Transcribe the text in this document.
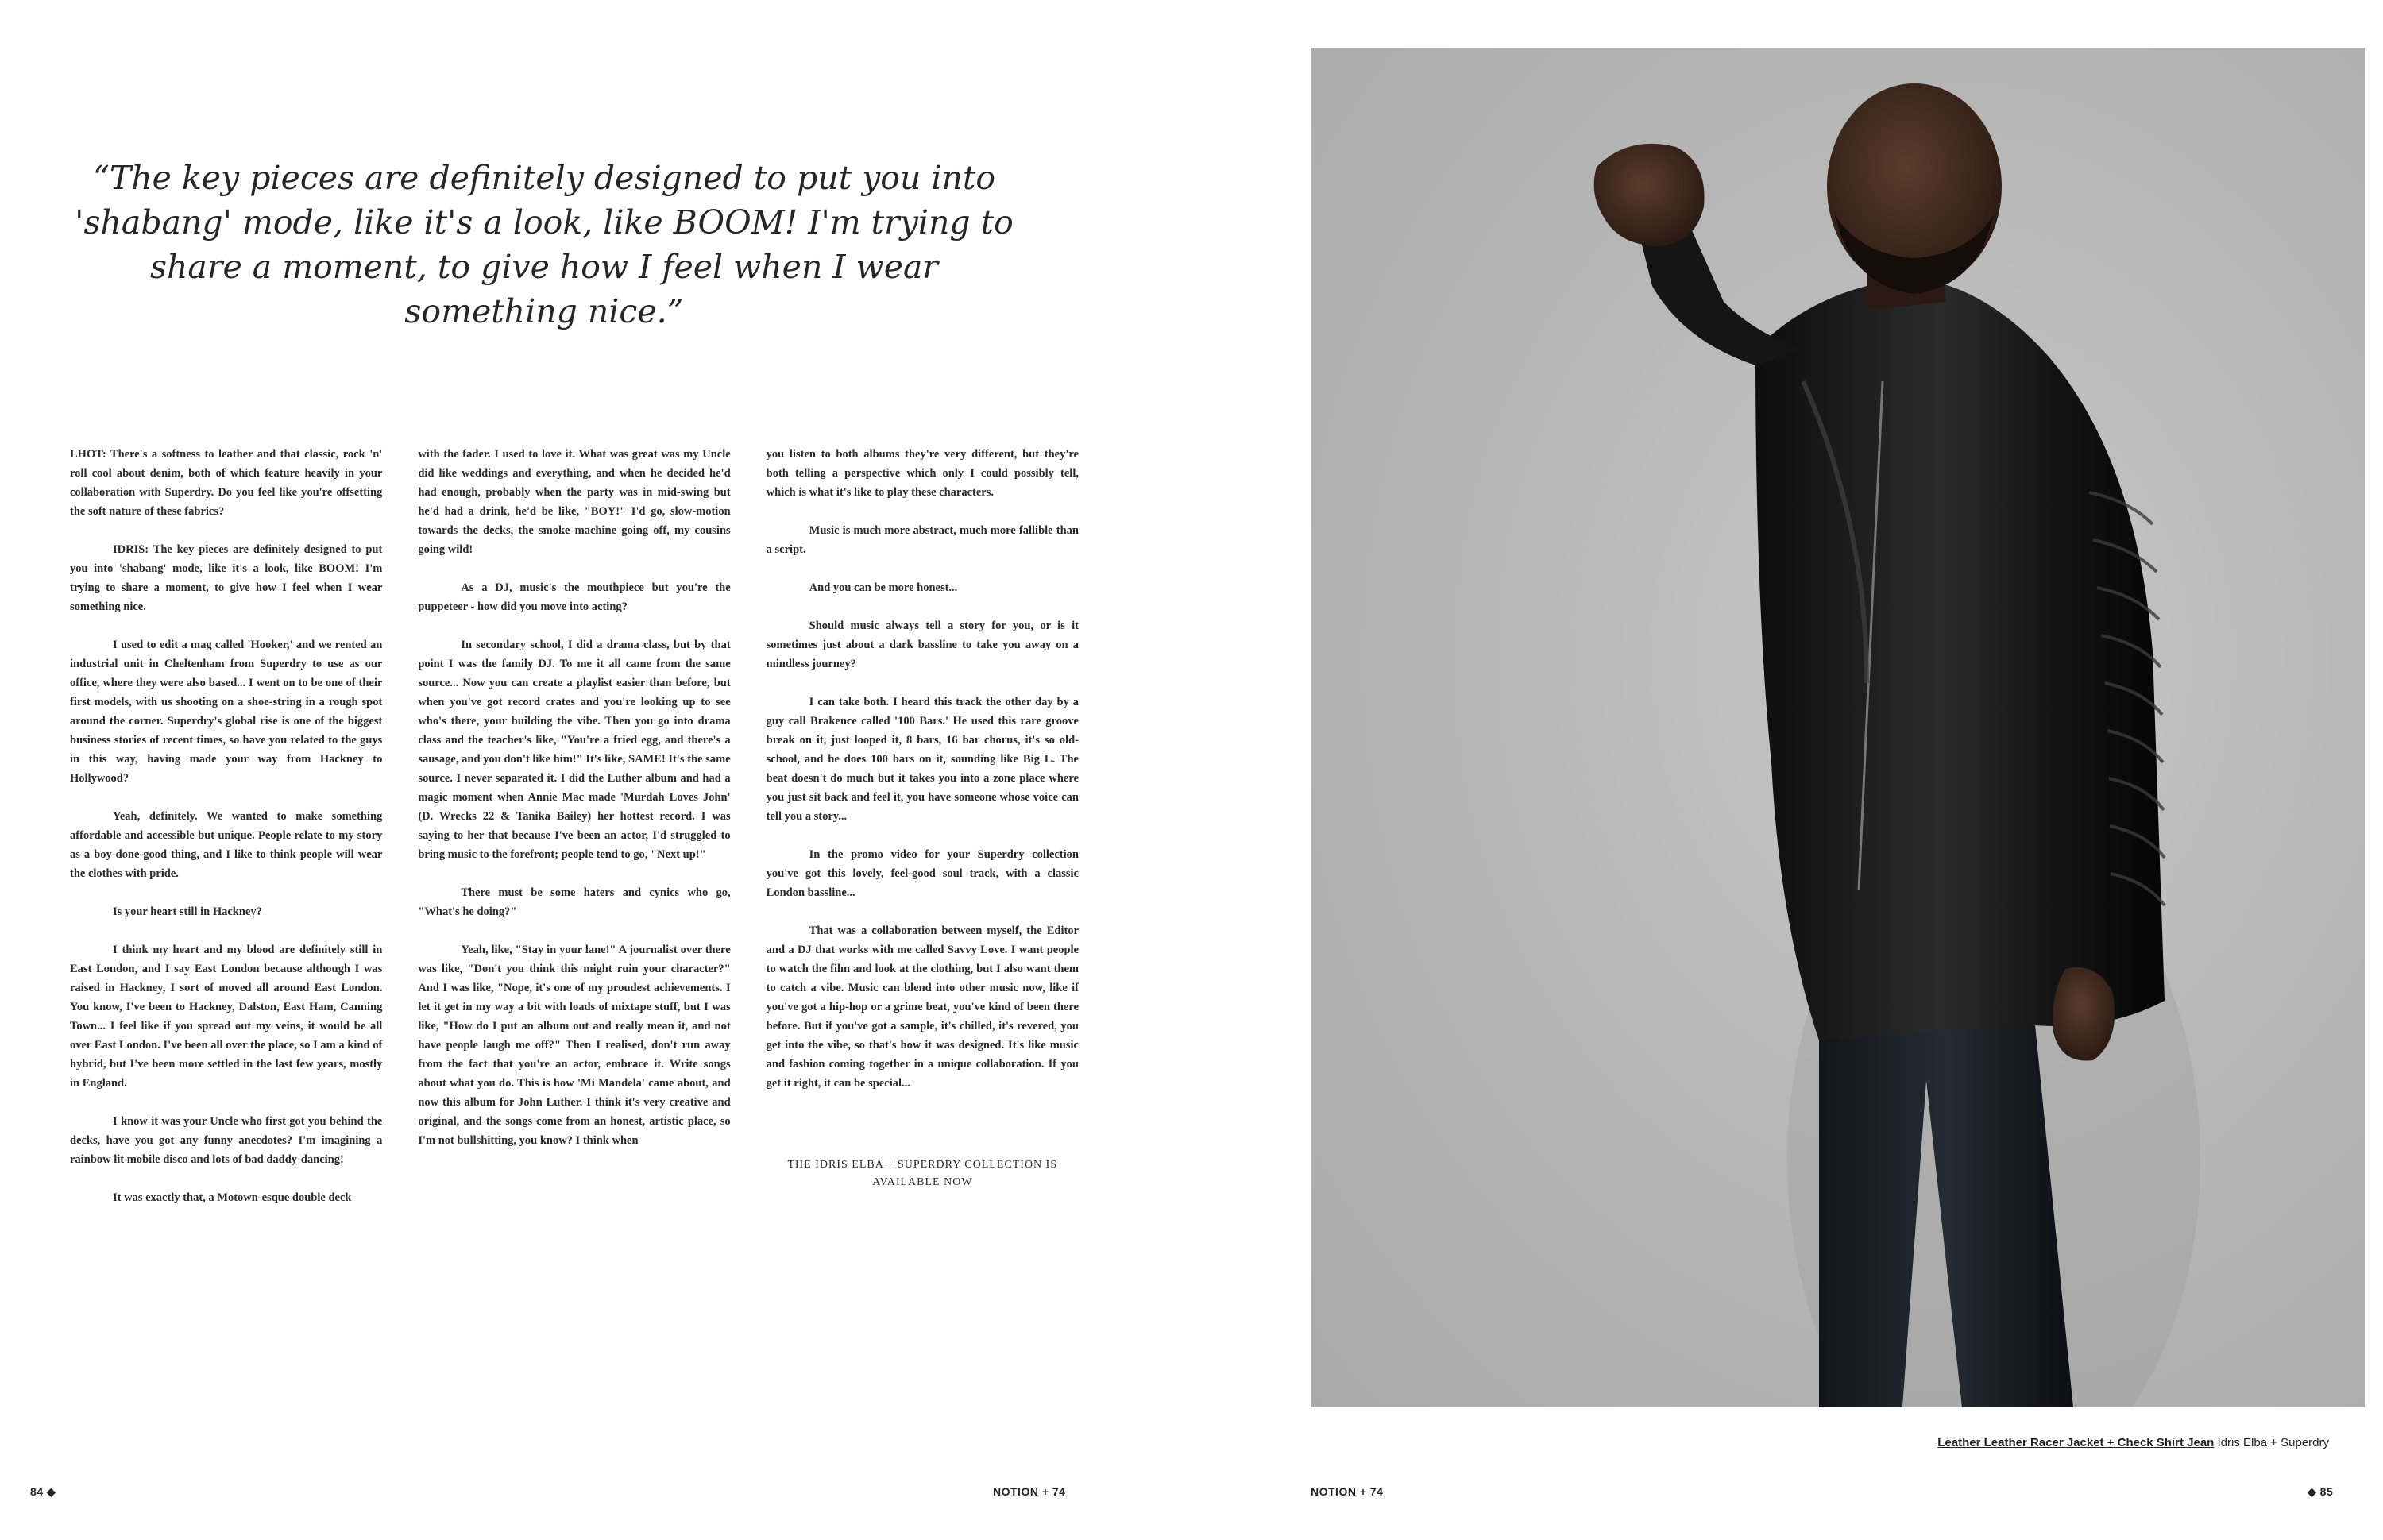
“The key pieces are definitely designed to put you into 'shabang' mode, like it's a look, like BOOM! I'm trying to share a moment, to give how I feel when I wear something nice.”

LHOT: There's a softness to leather and that classic, rock 'n' roll cool about denim, both of which feature heavily in your collaboration with Superdry. Do you feel like you're offsetting the soft nature of these fabrics?

IDRIS: The key pieces are definitely designed to put you into 'shabang' mode, like it's a look, like BOOM! I'm trying to share a moment, to give how I feel when I wear something nice.

I used to edit a mag called 'Hooker,' and we rented an industrial unit in Cheltenham from Superdry to use as our office, where they were also based... I went on to be one of their first models, with us shooting on a shoe-string in a rough spot around the corner. Superdry's global rise is one of the biggest business stories of recent times, so have you related to the guys in this way, having made your way from Hackney to Hollywood?

Yeah, definitely. We wanted to make something affordable and accessible but unique. People relate to my story as a boy-done-good thing, and I like to think people will wear the clothes with pride.

Is your heart still in Hackney?

I think my heart and my blood are definitely still in East London, and I say East London because although I was raised in Hackney, I sort of moved all around East London. You know, I've been to Hackney, Dalston, East Ham, Canning Town... I feel like if you spread out my veins, it would be all over East London. I've been all over the place, so I am a kind of hybrid, but I've been more settled in the last few years, mostly in England.

I know it was your Uncle who first got you behind the decks, have you got any funny anecdotes? I'm imagining a rainbow lit mobile disco and lots of bad daddy-dancing!

It was exactly that, a Motown-esque double deck

with the fader. I used to love it. What was great was my Uncle did like weddings and everything, and when he decided he'd had enough, probably when the party was in mid-swing but he'd had a drink, he'd be like, "BOY!" I'd go, slow-motion towards the decks, the smoke machine going off, my cousins going wild!

As a DJ, music's the mouthpiece but you're the puppeteer - how did you move into acting?

In secondary school, I did a drama class, but by that point I was the family DJ. To me it all came from the same source... Now you can create a playlist easier than before, but when you've got record crates and you're looking up to see who's there, your building the vibe. Then you go into drama class and the teacher's like, "You're a fried egg, and there's a sausage, and you don't like him!" It's like, SAME! It's the same source. I never separated it. I did the Luther album and had a magic moment when Annie Mac made 'Murdah Loves John' (D. Wrecks 22 & Tanika Bailey) her hottest record. I was saying to her that because I've been an actor, I'd struggled to bring music to the forefront; people tend to go, "Next up!"

There must be some haters and cynics who go, "What's he doing?"

Yeah, like, "Stay in your lane!" A journalist over there was like, "Don't you think this might ruin your character?" And I was like, "Nope, it's one of my proudest achievements. I let it get in my way a bit with loads of mixtape stuff, but I was like, "How do I put an album out and really mean it, and not have people laugh me off?" Then I realised, don't run away from the fact that you're an actor, embrace it. Write songs about what you do. This is how 'Mi Mandela' came about, and now this album for John Luther. I think it's very creative and original, and the songs come from an honest, artistic place, so I'm not bullshitting, you know? I think when

you listen to both albums they're very different, but they're both telling a perspective which only I could possibly tell, which is what it's like to play these characters.

Music is much more abstract, much more fallible than a script.

And you can be more honest...

Should music always tell a story for you, or is it sometimes just about a dark bassline to take you away on a mindless journey?

I can take both. I heard this track the other day by a guy call Brakence called '100 Bars.' He used this rare groove break on it, just looped it, 8 bars, 16 bar chorus, it's so old-school, and he does 100 bars on it, sounding like Big L. The beat doesn't do much but it takes you into a zone place where you just sit back and feel it, you have someone whose voice can tell you a story...

In the promo video for your Superdry collection you've got this lovely, feel-good soul track, with a classic London bassline...

That was a collaboration between myself, the Editor and a DJ that works with me called Savvy Love. I want people to watch the film and look at the clothing, but I also want them to catch a vibe. Music can blend into other music now, like if you've got a hip-hop or a grime beat, you've kind of been there before. But if you've got a sample, it's chilled, it's revered, you get into the vibe, so that's how it was designed. It's like music and fashion coming together in a unique collaboration. If you get it right, it can be special...

THE IDRIS ELBA + SUPERDRY COLLECTION IS AVAILABLE NOW

Leather Leather Racer Jacket + Check Shirt Jean Idris Elba + Superdry
84 ◆	NOTION + 74	NOTION + 74	◆ 85
